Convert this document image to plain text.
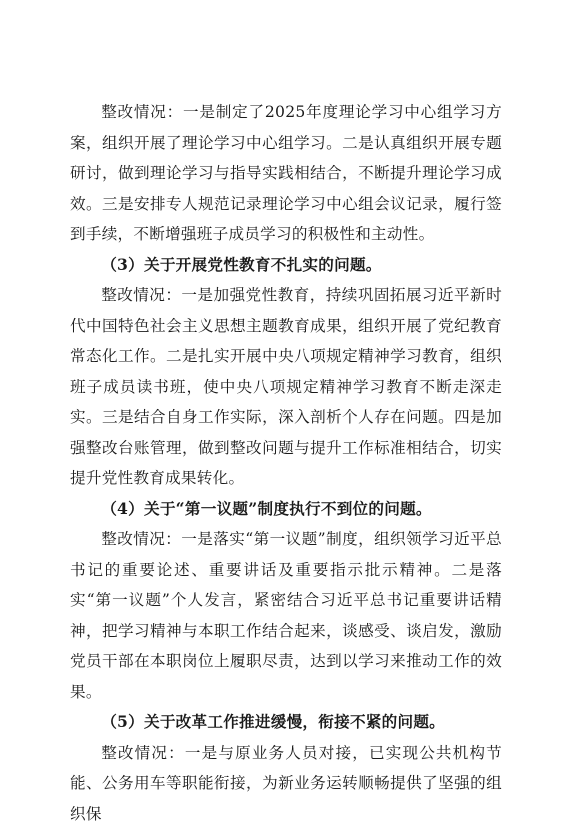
整改情况：一是制定了2025年度理论学习中心组学习方案，组织开展了理论学习中心组学习。二是认真组织开展专题研讨，做到理论学习与指导实践相结合，不断提升理论学习成效。三是安排专人规范记录理论学习中心组会议记录，履行签到手续，不断增强班子成员学习的积极性和主动性。

（3）关于开展党性教育不扎实的问题。

整改情况：一是加强党性教育，持续巩固拓展习近平新时代中国特色社会主义思想主题教育成果，组织开展了党纪教育常态化工作。二是扎实开展中央八项规定精神学习教育，组织班子成员读书班，使中央八项规定精神学习教育不断走深走实。三是结合自身工作实际，深入剖析个人存在问题。四是加强整改台账管理，做到整改问题与提升工作标准相结合，切实提升党性教育成果转化。

（4）关于“第一议题”制度执行不到位的问题。

整改情况：一是落实“第一议题”制度，组织领学习近平总书记的重要论述、重要讲话及重要指示批示精神。二是落实“第一议题”个人发言，紧密结合习近平总书记重要讲话精神，把学习精神与本职工作结合起来，谈感受、谈启发，激励党员干部在本职岗位上履职尽责，达到以学习来推动工作的效果。

（5）关于改革工作推进缓慢，衔接不紧的问题。

整改情况：一是与原业务人员对接，已实现公共机构节能、公务用车等职能衔接，为新业务运转顺畅提供了坚强的组织保
